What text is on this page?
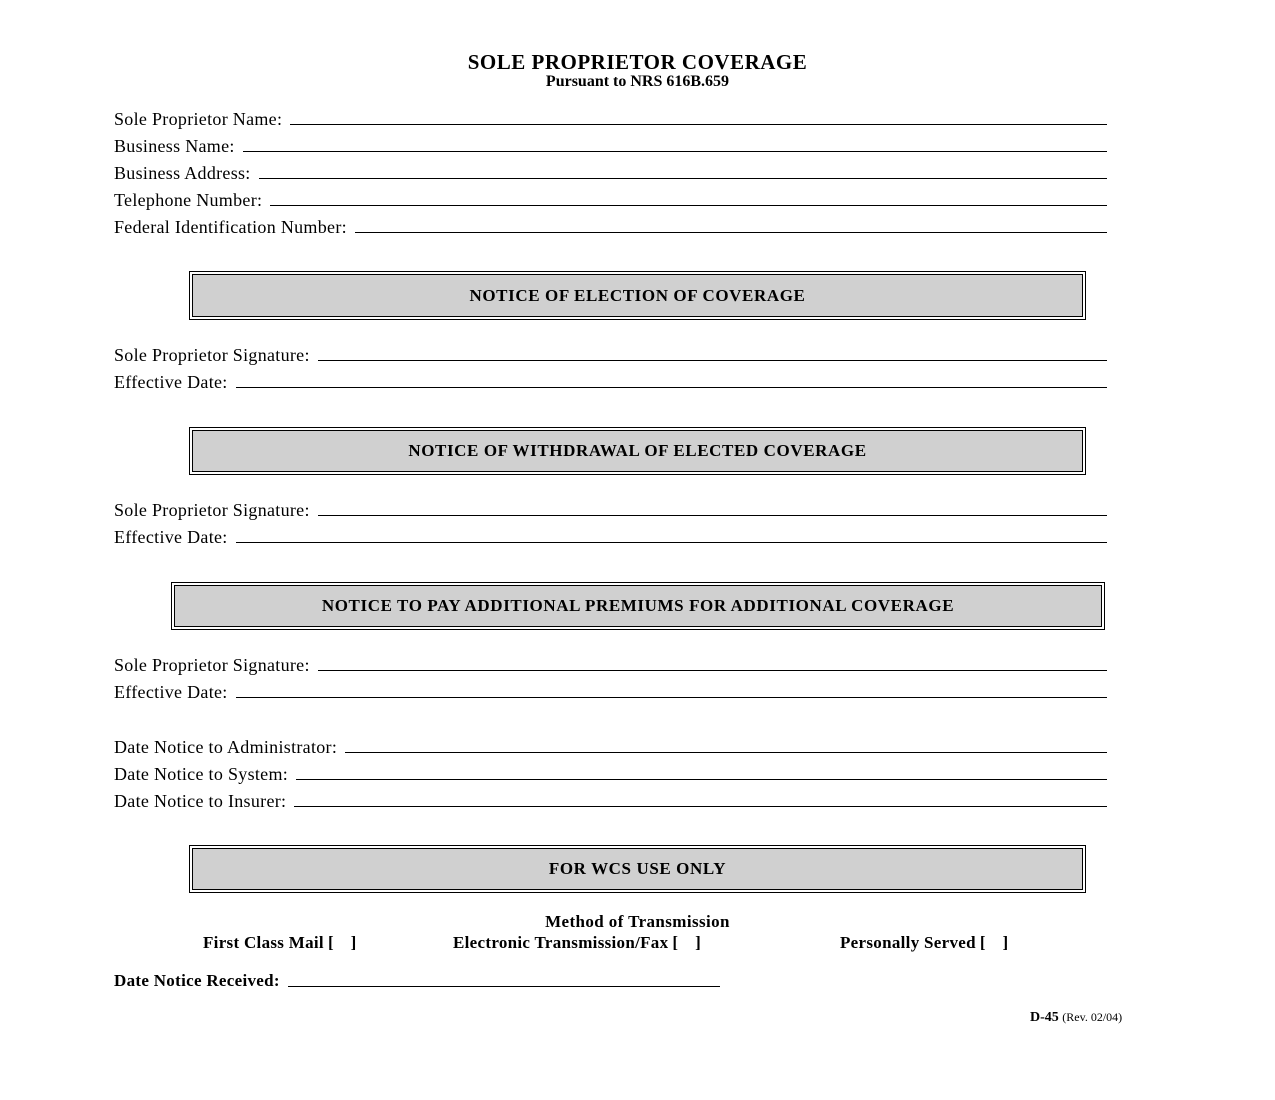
SOLE PROPRIETOR COVERAGE
Pursuant to NRS 616B.659
Sole Proprietor Name:
Business Name:
Business Address:
Telephone Number:
Federal Identification Number:
NOTICE OF ELECTION OF COVERAGE
Sole Proprietor Signature:
Effective Date:
NOTICE OF WITHDRAWAL OF ELECTED COVERAGE
Sole Proprietor Signature:
Effective Date:
NOTICE TO PAY ADDITIONAL PREMIUMS FOR ADDITIONAL COVERAGE
Sole Proprietor Signature:
Effective Date:
Date Notice to Administrator:
Date Notice to System:
Date Notice to Insurer:
FOR WCS USE ONLY
Method of Transmission
First Class Mail [    ]	Electronic Transmission/Fax [    ]	Personally Served [    ]
Date Notice Received:
D-45 (Rev. 02/04)
